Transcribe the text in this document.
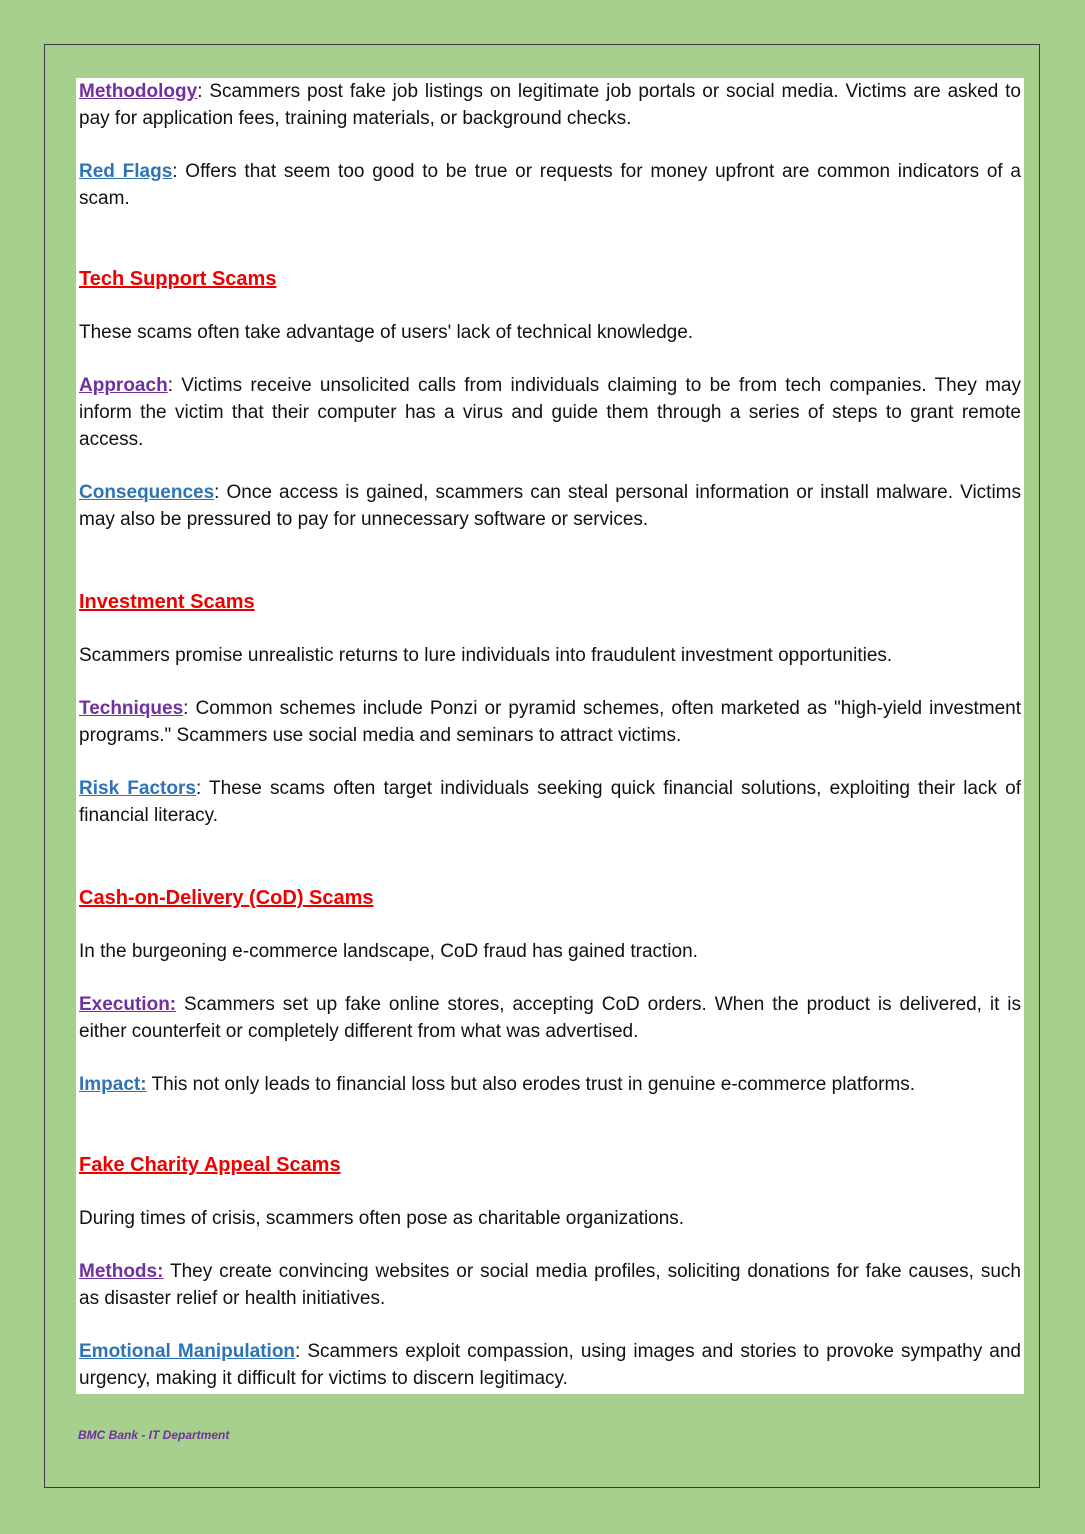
Methodology: Scammers post fake job listings on legitimate job portals or social media. Victims are asked to pay for application fees, training materials, or background checks.

Red Flags: Offers that seem too good to be true or requests for money upfront are common indicators of a scam.

Tech Support Scams

These scams often take advantage of users' lack of technical knowledge.

Approach: Victims receive unsolicited calls from individuals claiming to be from tech companies. They may inform the victim that their computer has a virus and guide them through a series of steps to grant remote access.

Consequences: Once access is gained, scammers can steal personal information or install malware. Victims may also be pressured to pay for unnecessary software or services.

Investment Scams

Scammers promise unrealistic returns to lure individuals into fraudulent investment opportunities.

Techniques: Common schemes include Ponzi or pyramid schemes, often marketed as "high-yield investment programs." Scammers use social media and seminars to attract victims.

Risk Factors: These scams often target individuals seeking quick financial solutions, exploiting their lack of financial literacy.

Cash-on-Delivery (CoD) Scams

In the burgeoning e-commerce landscape, CoD fraud has gained traction.

Execution: Scammers set up fake online stores, accepting CoD orders. When the product is delivered, it is either counterfeit or completely different from what was advertised.

Impact: This not only leads to financial loss but also erodes trust in genuine e-commerce platforms.

Fake Charity Appeal Scams

During times of crisis, scammers often pose as charitable organizations.

Methods: They create convincing websites or social media profiles, soliciting donations for fake causes, such as disaster relief or health initiatives.

Emotional Manipulation: Scammers exploit compassion, using images and stories to provoke sympathy and urgency, making it difficult for victims to discern legitimacy.

BMC Bank - IT Department
